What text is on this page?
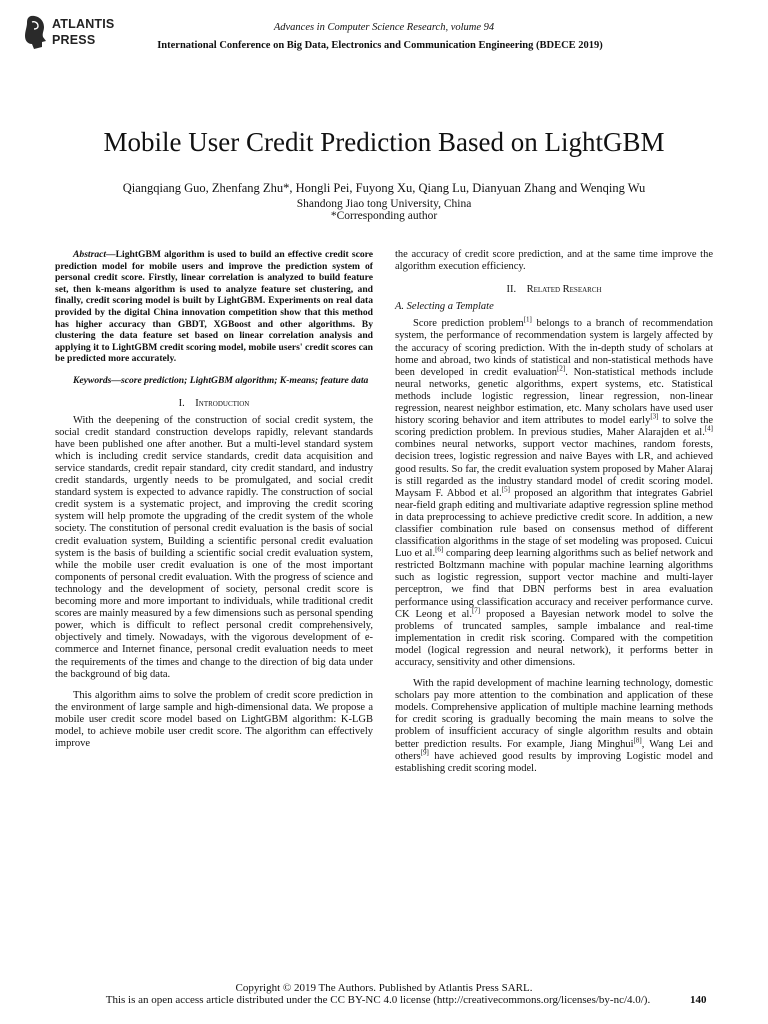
ATLANTIS
PRESS
Advances in Computer Science Research, volume 94
International Conference on Big Data, Electronics and Communication Engineering (BDECE 2019)
Mobile User Credit Prediction Based on LightGBM
Qiangqiang Guo, Zhenfang Zhu*, Hongli Pei, Fuyong Xu, Qiang Lu, Dianyuan Zhang and Wenqing Wu
Shandong Jiao tong University, China
*Corresponding author

Abstract—LightGBM algorithm is used to build an effective credit score prediction model for mobile users and improve the prediction system of personal credit score. Firstly, linear correlation is analyzed to build feature set, then k-means algorithm is used to analyze feature set clustering, and finally, credit scoring model is built by LightGBM. Experiments on real data provided by the digital China innovation competition show that this method has higher accuracy than GBDT, XGBoost and other algorithms. By clustering the data feature set based on linear correlation analysis and applying it to LightGBM credit scoring model, mobile users' credit scores can be predicted more accurately.

Keywords—score prediction; LightGBM algorithm; K-means; feature data

I. Introduction

With the deepening of the construction of social credit system, the social credit standard construction develops rapidly, relevant standards have been published one after another. But a multi-level standard system which is including credit service standards, credit data acquisition and service standards, credit repair standard, city credit standard, and industry credit standards, urgently needs to be promulgated, and social credit standard system is expected to advance rapidly. The construction of social credit system is a systematic project, and improving the credit scoring system will help promote the upgrading of the credit system of the whole society. The constitution of personal credit evaluation is the basis of social credit evaluation system, Building a scientific personal credit evaluation system is the basis of building a scientific social credit evaluation system, while the mobile user credit evaluation is one of the most important components of personal credit evaluation. With the progress of science and technology and the development of society, personal credit score is becoming more and more important to individuals, while traditional credit scores are mainly measured by a few dimensions such as personal spending power, which is difficult to reflect personal credit comprehensively, objectively and timely. Nowadays, with the vigorous development of e-commerce and Internet finance, personal credit evaluation needs to meet the requirements of the times and change to the direction of big data under the background of big data.

This algorithm aims to solve the problem of credit score prediction in the environment of large sample and high-dimensional data. We propose a mobile user credit score model based on LightGBM algorithm: K-LGB model, to achieve mobile user credit score. The algorithm can effectively improve

the accuracy of credit score prediction, and at the same time improve the algorithm execution efficiency.

II. Related Research

A. Selecting a Template

Score prediction problem[1] belongs to a branch of recommendation system, the performance of recommendation system is largely affected by the accuracy of scoring prediction. With the in-depth study of scholars at home and abroad, two kinds of statistical and non-statistical methods have been developed in credit evaluation[2]. Non-statistical methods include neural networks, genetic algorithms, expert systems, etc. Statistical methods include logistic regression, linear regression, non-linear regression, nearest neighbor estimation, etc. Many scholars have used user history scoring behavior and item attributes to model early[3] to solve the scoring prediction problem. In previous studies, Maher Alarajden et al.[4] combines neural networks, support vector machines, random forests, decision trees, logistic regression and naive Bayes with LR, and achieved good results. So far, the credit evaluation system proposed by Maher Alaraj is still regarded as the industry standard model of credit scoring model. Maysam F. Abbod et al.[5] proposed an algorithm that integrates Gabriel near-field graph editing and multivariate adaptive regression spline method in data preprocessing to achieve predictive credit score. In addition, a new classifier combination rule based on consensus method of different classification algorithms in the stage of set modeling was proposed. Cuicui Luo et al.[6] comparing deep learning algorithms such as belief network and restricted Boltzmann machine with popular machine learning algorithms such as logistic regression, support vector machine and multi-layer perceptron, we find that DBN performs best in area evaluation performance using classification accuracy and receiver performance curve. CK Leong et al.[7] proposed a Bayesian network model to solve the problems of truncated samples, sample imbalance and real-time implementation in credit risk scoring. Compared with the competition model (logical regression and neural network), it performs better in accuracy, sensitivity and other dimensions.

With the rapid development of machine learning technology, domestic scholars pay more attention to the combination and application of these models. Comprehensive application of multiple machine learning methods for credit scoring is gradually becoming the main means to solve the problem of insufficient accuracy of single algorithm results and obtain better prediction results. For example, Jiang Minghui[8], Wang Lei and others[9] have achieved good results by improving Logistic model and establishing credit scoring model.

Copyright © 2019 The Authors. Published by Atlantis Press SARL.
This is an open access article distributed under the CC BY-NC 4.0 license (http://creativecommons.org/licenses/by-nc/4.0/).	140
